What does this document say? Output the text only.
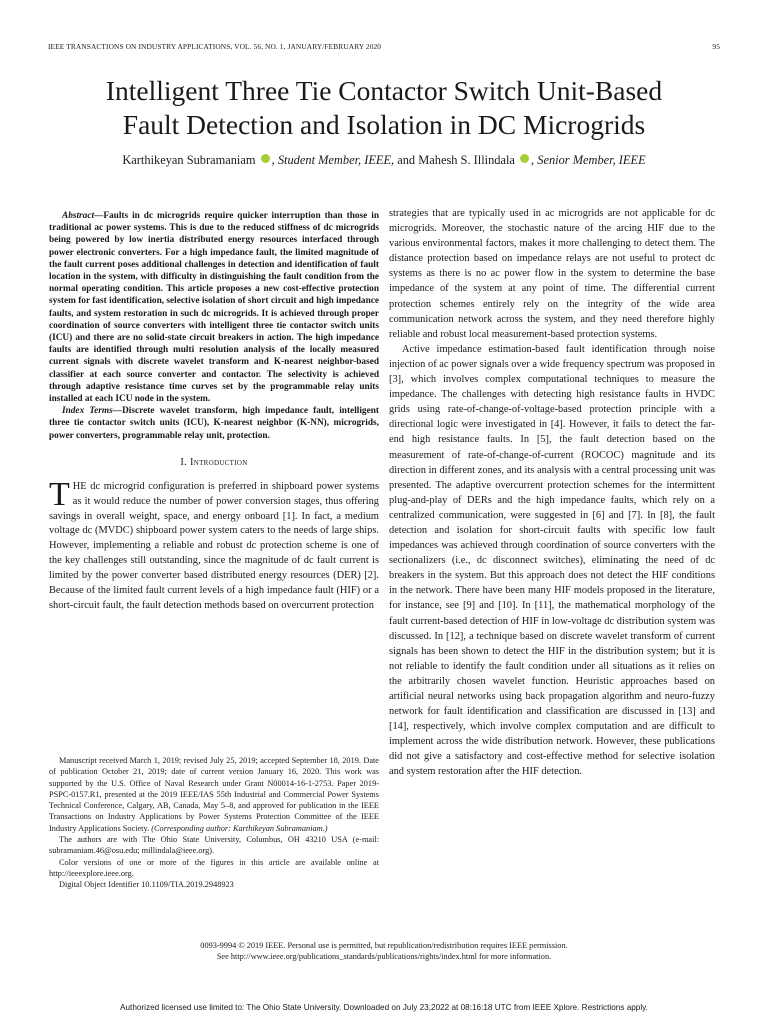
IEEE TRANSACTIONS ON INDUSTRY APPLICATIONS, VOL. 56, NO. 1, JANUARY/FEBRUARY 2020	95
Intelligent Three Tie Contactor Switch Unit-Based
Fault Detection and Isolation in DC Microgrids
Karthikeyan Subramaniam , Student Member, IEEE, and Mahesh S. Illindala , Senior Member, IEEE

Abstract—Faults in dc microgrids require quicker interruption than those in traditional ac power systems. This is due to the reduced stiffness of dc microgrids being powered by low inertia distributed energy resources interfaced through power electronic converters. For a high impedance fault, the limited magnitude of the fault current poses additional challenges in detection and identification of fault location in the system, with difficulty in distinguishing the fault condition from the normal operating condition. This article proposes a new cost-effective protection system for fast identification, selective isolation of short circuit and high impedance faults, and system restoration in such dc microgrids. It is achieved through proper coordination of source converters with intelligent three tie contactor switch units (ICU) and there are no solid-state circuit breakers in action. The high impedance faults are identified through multi resolution analysis of the locally measured current signals with discrete wavelet transform and K-nearest neighbor-based classifier at each source converter and contactor. The selectivity is achieved through adaptive resistance time curves set by the programmable relay units installed at each ICU node in the system.

Index Terms—Discrete wavelet transform, high impedance fault, intelligent three tie contactor switch units (ICU), K-nearest neighbor (K-NN), microgrids, power converters, programmable relay unit, protection.

I. Introduction

THE dc microgrid configuration is preferred in shipboard power systems as it would reduce the number of power conversion stages, thus offering savings in overall weight, space, and energy onboard [1]. In fact, a medium voltage dc (MVDC) shipboard power system caters to the needs of large ships. However, implementing a reliable and robust dc protection scheme is one of the key challenges still outstanding, since the magnitude of dc fault current is limited by the power converter based distributed energy resources (DER) [2]. Because of the limited fault current levels of a high impedance fault (HIF) or a short-circuit fault, the fault detection methods based on overcurrent protection

Manuscript received March 1, 2019; revised July 25, 2019; accepted September 18, 2019. Date of publication October 21, 2019; date of current version January 16, 2020. This work was supported by the U.S. Office of Naval Research under Grant N00014-16-1-2753. Paper 2019-PSPC-0157.R1, presented at the 2019 IEEE/IAS 55th Industrial and Commercial Power Systems Technical Conference, Calgary, AB, Canada, May 5–8, and approved for publication in the IEEE Transactions on Industry Applications by Power Systems Protection Committee of the IEEE Industry Applications Society. (Corresponding author: Karthikeyan Subramaniam.)

The authors are with The Ohio State University, Columbus, OH 43210 USA (e-mail: subramaniam.46@osu.edu; millindala@ieee.org).

Color versions of one or more of the figures in this article are available online at http://ieeexplore.ieee.org.

Digital Object Identifier 10.1109/TIA.2019.2948923

strategies that are typically used in ac microgrids are not applicable for dc microgrids. Moreover, the stochastic nature of the arcing HIF due to the various environmental factors, makes it more challenging to detect them. The distance protection based on impedance relays are not useful to protect dc systems as there is no ac power flow in the system to determine the base impedance of the system at any point of time. The differential current protection schemes entirely rely on the integrity of the wide area communication network across the system, and they need therefore highly reliable and robust local measurement-based protection systems.

Active impedance estimation-based fault identification through noise injection of ac power signals over a wide frequency spectrum was proposed in [3], which involves complex computational techniques to measure the impedance. The challenges with detecting high resistance faults in HVDC grids using rate-of-change-of-voltage-based protection principle with a directional logic were investigated in [4]. However, it fails to detect the far-end high resistance faults. In [5], the fault detection based on the measurement of rate-of-change-of-current (ROCOC) magnitude and its direction in different zones, and its analysis with a central processing unit was presented. The adaptive overcurrent protection schemes for the intermittent plug-and-play of DERs and the high impedance faults, which rely on a centralized communication, were suggested in [6] and [7]. In [8], the fault detection and isolation for short-circuit faults with specific low fault impedances was achieved through coordination of source converters with the sectionalizers (i.e., dc disconnect switches), eliminating the need of dc breakers in the system. But this approach does not detect the HIF conditions in the network. There have been many HIF models proposed in the literature, for instance, see [9] and [10]. In [11], the mathematical morphology of the fault current-based detection of HIF in low-voltage dc distribution system was discussed. In [12], a technique based on discrete wavelet transform of current signals has been shown to detect the HIF in the distribution system; but it is not reliable to identify the fault condition under all situations as it relies on the arbitrarily chosen wavelet function. Heuristic approaches based on artificial neural networks using back propagation algorithm and neuro-fuzzy network for fault identification and classification are discussed in [13] and [14], respectively, which involve complex computation and are difficult to implement across the wide distribution network. However, these publications did not give a satisfactory and cost-effective method for selective isolation and system restoration after the HIF detection.

0093-9994 © 2019 IEEE. Personal use is permitted, but republication/redistribution requires IEEE permission.
See http://www.ieee.org/publications_standards/publications/rights/index.html for more information.
Authorized licensed use limited to: The Ohio State University. Downloaded on July 23,2022 at 08:16:18 UTC from IEEE Xplore. Restrictions apply.
